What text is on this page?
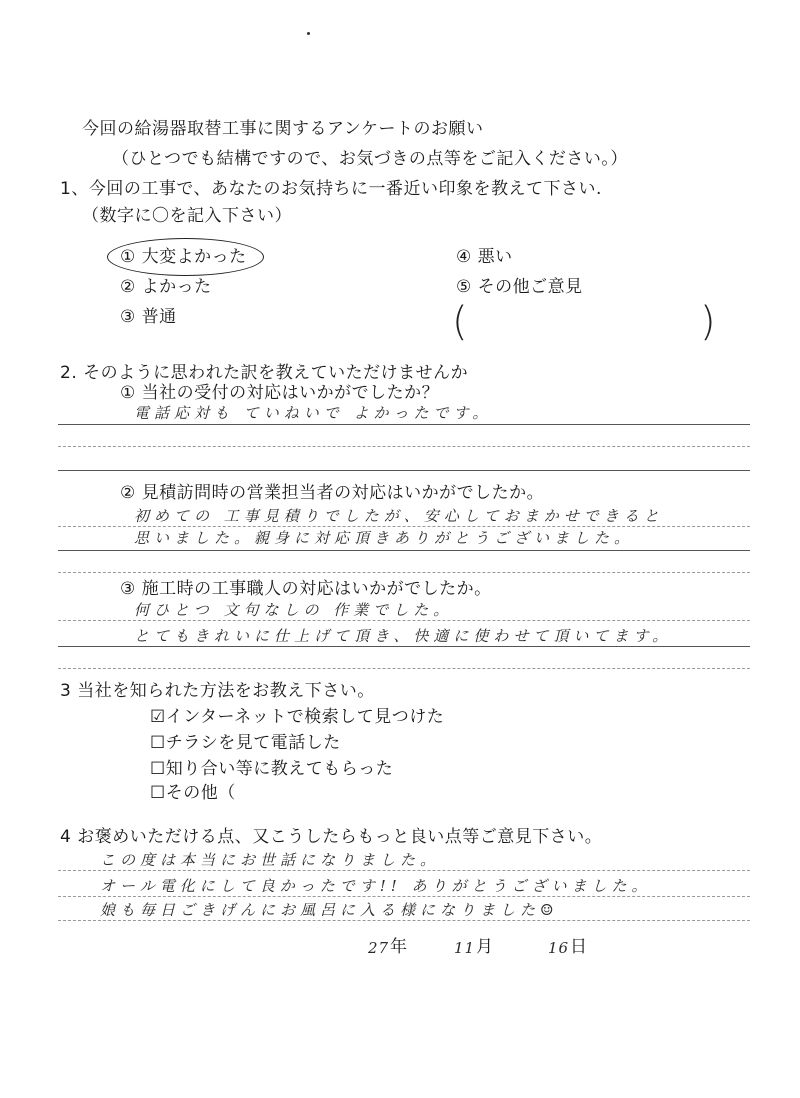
今回の給湯器取替工事に関するアンケートのお願い
（ひとつでも結構ですので、お気づきの点等をご記入ください。）
1、今回の工事で、あなたのお気持ちに一番近い印象を教えて下さい.
（数字に〇を記入下さい）
① 大変よかった
② よかった
③ 普通
④ 悪い
⑤ その他ご意見
(	)
2. そのように思われた訳を教えていただけませんか
① 当社の受付の対応はいかがでしたか？
電話応対も ていねいで よかったです。
② 見積訪問時の営業担当者の対応はいかがでしたか。
初めての 工事見積りでしたが、安心しておまかせできると
思いました。親身に対応頂きありがとうございました。
③ 施工時の工事職人の対応はいかがでしたか。
何ひとつ 文句なしの 作業でした。
とてもきれいに仕上げて頂き、快適に使わせて頂いてます。
3 当社を知られた方法をお教え下さい。
☑インターネットで検索して見つけた
☐チラシを見て電話した
☐知り合い等に教えてもらった
☐その他（
4 お褒めいただける点、又こうしたらもっと良い点等ご意見下さい。
この度は本当にお世話になりました。
オール電化にして良かったです!! ありがとうございました。
娘も毎日ごきげんにお風呂に入る様になりました☺
27 年	11 月	16 日
